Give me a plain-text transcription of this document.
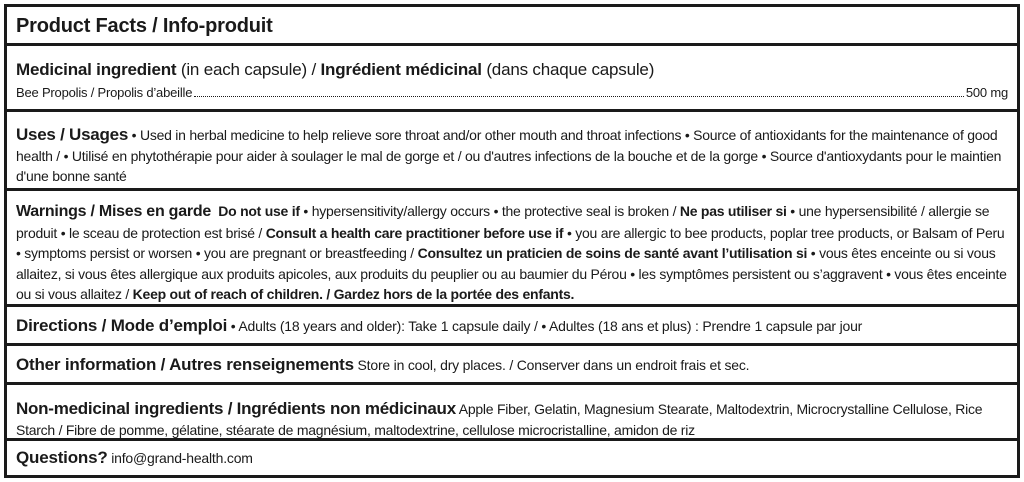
Product Facts / Info-produit
Medicinal ingredient (in each capsule) / Ingrédient médicinal (dans chaque capsule)
Bee Propolis / Propolis d’abeille	500 mg
Uses / Usages • Used in herbal medicine to help relieve sore throat and/or other mouth and throat infections • Source of antioxidants for the maintenance of good health / • Utilisé en phytothérapie pour aider à soulager le mal de gorge et / ou d'autres infections de la bouche et de la gorge • Source d'antioxydants pour le maintien d'une bonne santé
Warnings / Mises en garde Do not use if • hypersensitivity/allergy occurs • the protective seal is broken / Ne pas utiliser si • une hypersensibilité / allergie se produit • le sceau de protection est brisé / Consult a health care practitioner before use if • you are allergic to bee products, poplar tree products, or Balsam of Peru • symptoms persist or worsen • you are pregnant or breastfeeding / Consultez un praticien de soins de santé avant l’utilisation si • vous êtes enceinte ou si vous allaitez, si vous êtes allergique aux produits apicoles, aux produits du peuplier ou au baumier du Pérou • les symptômes persistent ou s’aggravent • vous êtes enceinte ou si vous allaitez / Keep out of reach of children. / Gardez hors de la portée des enfants.
Directions / Mode d’emploi • Adults (18 years and older): Take 1 capsule daily / • Adultes (18 ans et plus) : Prendre 1 capsule par jour
Other information / Autres renseignements Store in cool, dry places. / Conserver dans un endroit frais et sec.
Non-medicinal ingredients / Ingrédients non médicinaux Apple Fiber, Gelatin, Magnesium Stearate, Maltodextrin, Microcrystalline Cellulose, Rice Starch / Fibre de pomme, gélatine, stéarate de magnésium, maltodextrine, cellulose microcristalline, amidon de riz
Questions? info@grand-health.com
